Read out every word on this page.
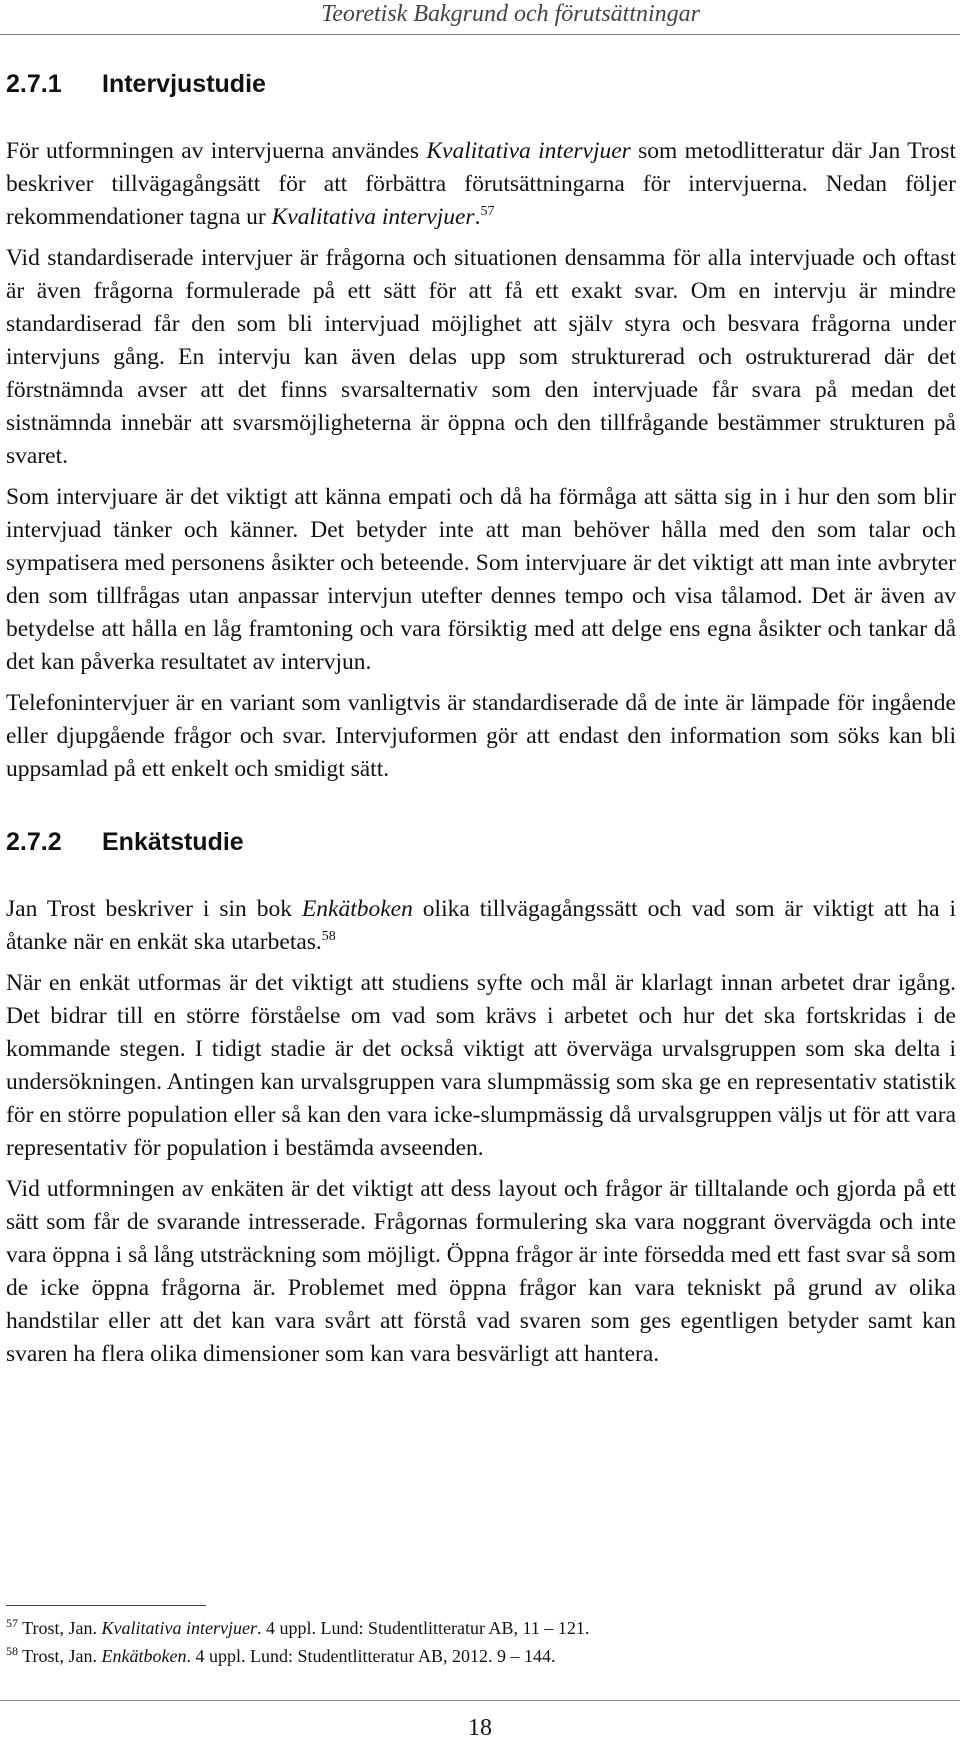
Teoretisk Bakgrund och förutsättningar
2.7.1	Intervjustudie

För utformningen av intervjuerna användes Kvalitativa intervjuer som metodlitteratur där Jan Trost beskriver tillvägagångsätt för att förbättra förutsättningarna för intervjuerna. Nedan följer rekommendationer tagna ur Kvalitativa intervjuer.$^{57}$

Vid standardiserade intervjuer är frågorna och situationen densamma för alla intervjuade och oftast är även frågorna formulerade på ett sätt för att få ett exakt svar. Om en intervju är mindre standardiserad får den som bli intervjuad möjlighet att själv styra och besvara frågorna under intervjuns gång. En intervju kan även delas upp som strukturerad och ostrukturerad där det förstnämnda avser att det finns svarsalternativ som den intervjuade får svara på medan det sistnämnda innebär att svarsmöjligheterna är öppna och den tillfrågande bestämmer strukturen på svaret.

Som intervjuare är det viktigt att känna empati och då ha förmåga att sätta sig in i hur den som blir intervjuad tänker och känner. Det betyder inte att man behöver hålla med den som talar och sympatisera med personens åsikter och beteende. Som intervjuare är det viktigt att man inte avbryter den som tillfrågas utan anpassar intervjun utefter dennes tempo och visa tålamod. Det är även av betydelse att hålla en låg framtoning och vara försiktig med att delge ens egna åsikter och tankar då det kan påverka resultatet av intervjun.

Telefonintervjuer är en variant som vanligtvis är standardiserade då de inte är lämpade för ingående eller djupgående frågor och svar. Intervjuformen gör att endast den information som söks kan bli uppsamlad på ett enkelt och smidigt sätt.

2.7.2	Enkätstudie

Jan Trost beskriver i sin bok Enkätboken olika tillvägagångssätt och vad som är viktigt att ha i åtanke när en enkät ska utarbetas.$^{58}$

När en enkät utformas är det viktigt att studiens syfte och mål är klarlagt innan arbetet drar igång. Det bidrar till en större förståelse om vad som krävs i arbetet och hur det ska fortskridas i de kommande stegen. I tidigt stadie är det också viktigt att överväga urvalsgruppen som ska delta i undersökningen. Antingen kan urvalsgruppen vara slumpmässig som ska ge en representativ statistik för en större population eller så kan den vara icke-slumpmässig då urvalsgruppen väljs ut för att vara representativ för population i bestämda avseenden.

Vid utformningen av enkäten är det viktigt att dess layout och frågor är tilltalande och gjorda på ett sätt som får de svarande intresserade. Frågornas formulering ska vara noggrant övervägda och inte vara öppna i så lång utsträckning som möjligt. Öppna frågor är inte försedda med ett fast svar så som de icke öppna frågorna är. Problemet med öppna frågor kan vara tekniskt på grund av olika handstilar eller att det kan vara svårt att förstå vad svaren som ges egentligen betyder samt kan svaren ha flera olika dimensioner som kan vara besvärligt att hantera.

$^{57}$ Trost, Jan. Kvalitativa intervjuer. 4 uppl. Lund: Studentlitteratur AB, 11 – 121.
$^{58}$ Trost, Jan. Enkätboken. 4 uppl. Lund: Studentlitteratur AB, 2012. 9 – 144.
18
